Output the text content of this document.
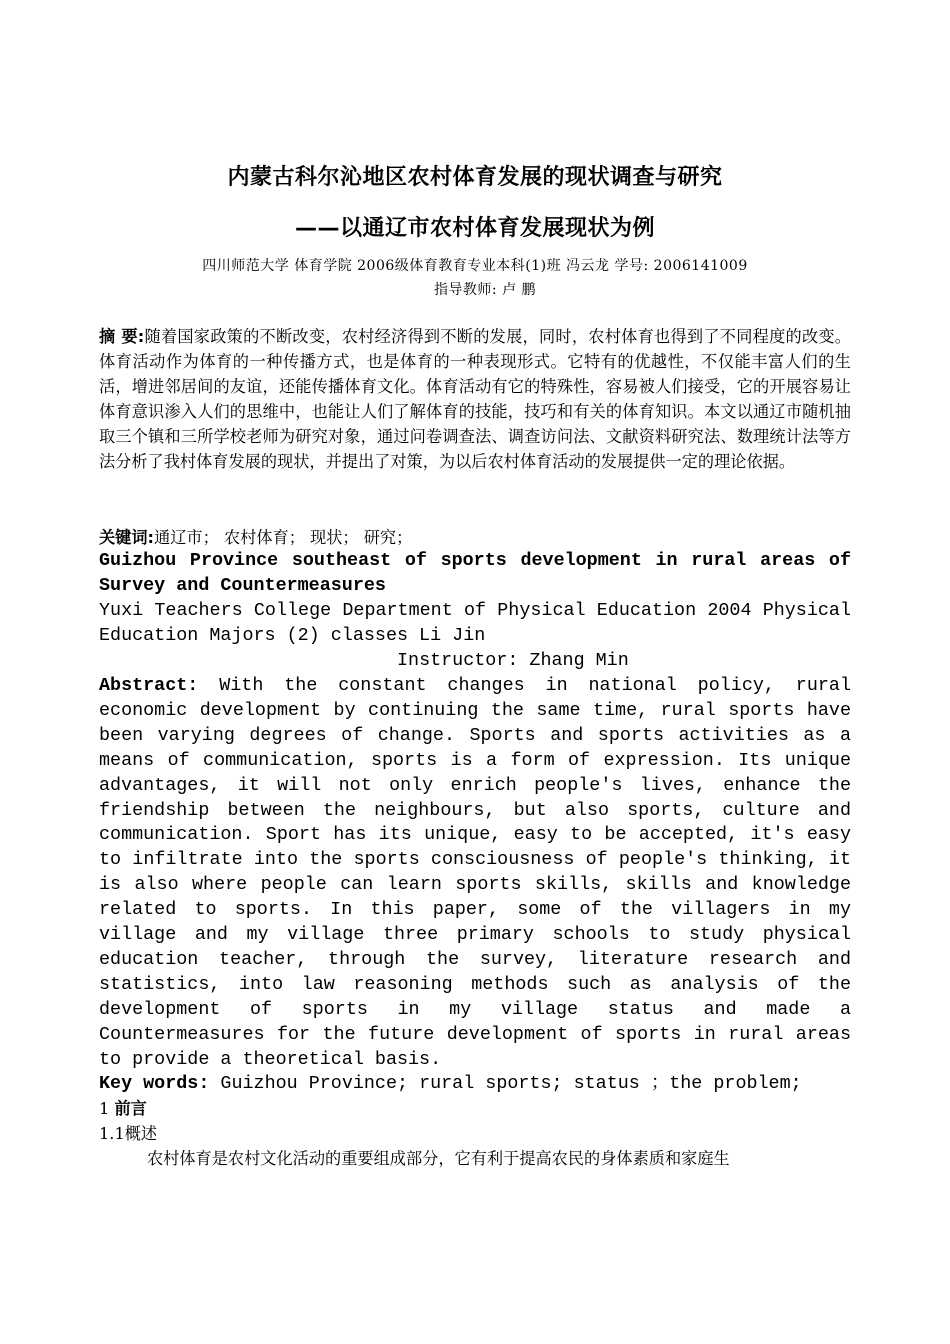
内蒙古科尔沁地区农村体育发展的现状调查与研究
——以通辽市农村体育发展现状为例
四川师范大学 体育学院 2006级体育教育专业本科(1)班 冯云龙 学号: 2006141009
指导教师: 卢 鹏
摘 要:随着国家政策的不断改变，农村经济得到不断的发展，同时，农村体育也得到了不同程度的改变。体育活动作为体育的一种传播方式，也是体育的一种表现形式。它特有的优越性，不仅能丰富人们的生活，增进邻居间的友谊，还能传播体育文化。体育活动有它的特殊性，容易被人们接受，它的开展容易让体育意识渗入人们的思维中，也能让人们了解体育的技能，技巧和有关的体育知识。本文以通辽市随机抽取三个镇和三所学校老师为研究对象，通过问卷调查法、调查访问法、文献资料研究法、数理统计法等方法分析了我村体育发展的现状，并提出了对策，为以后农村体育活动的发展提供一定的理论依据。
关键词:通辽市； 农村体育； 现状； 研究；
Guizhou Province southeast of sports development in rural areas of Survey and Countermeasures
Yuxi Teachers College Department of Physical Education 2004 Physical Education Majors (2) classes Li Jin
Instructor: Zhang Min
Abstract: With the constant changes in national policy, rural economic development by continuing the same time, rural sports have been varying degrees of change. Sports and sports activities as a means of communication, sports is a form of expression. Its unique advantages, it will not only enrich people's lives, enhance the friendship between the neighbours, but also sports, culture and communication. Sport has its unique, easy to be accepted, it's easy to infiltrate into the sports consciousness of people's thinking, it is also where people can learn sports skills, skills and knowledge related to sports. In this paper, some of the villagers in my village and my village three primary schools to study physical education teacher, through the survey, literature research and statistics, into law reasoning methods such as analysis of the development of sports in my village status and made a Countermeasures for the future development of sports in rural areas to provide a theoretical basis.
Key words: Guizhou Province; rural sports; status ；the problem;
1 前言
1.1概述
农村体育是农村文化活动的重要组成部分，它有利于提高农民的身体素质和家庭生
